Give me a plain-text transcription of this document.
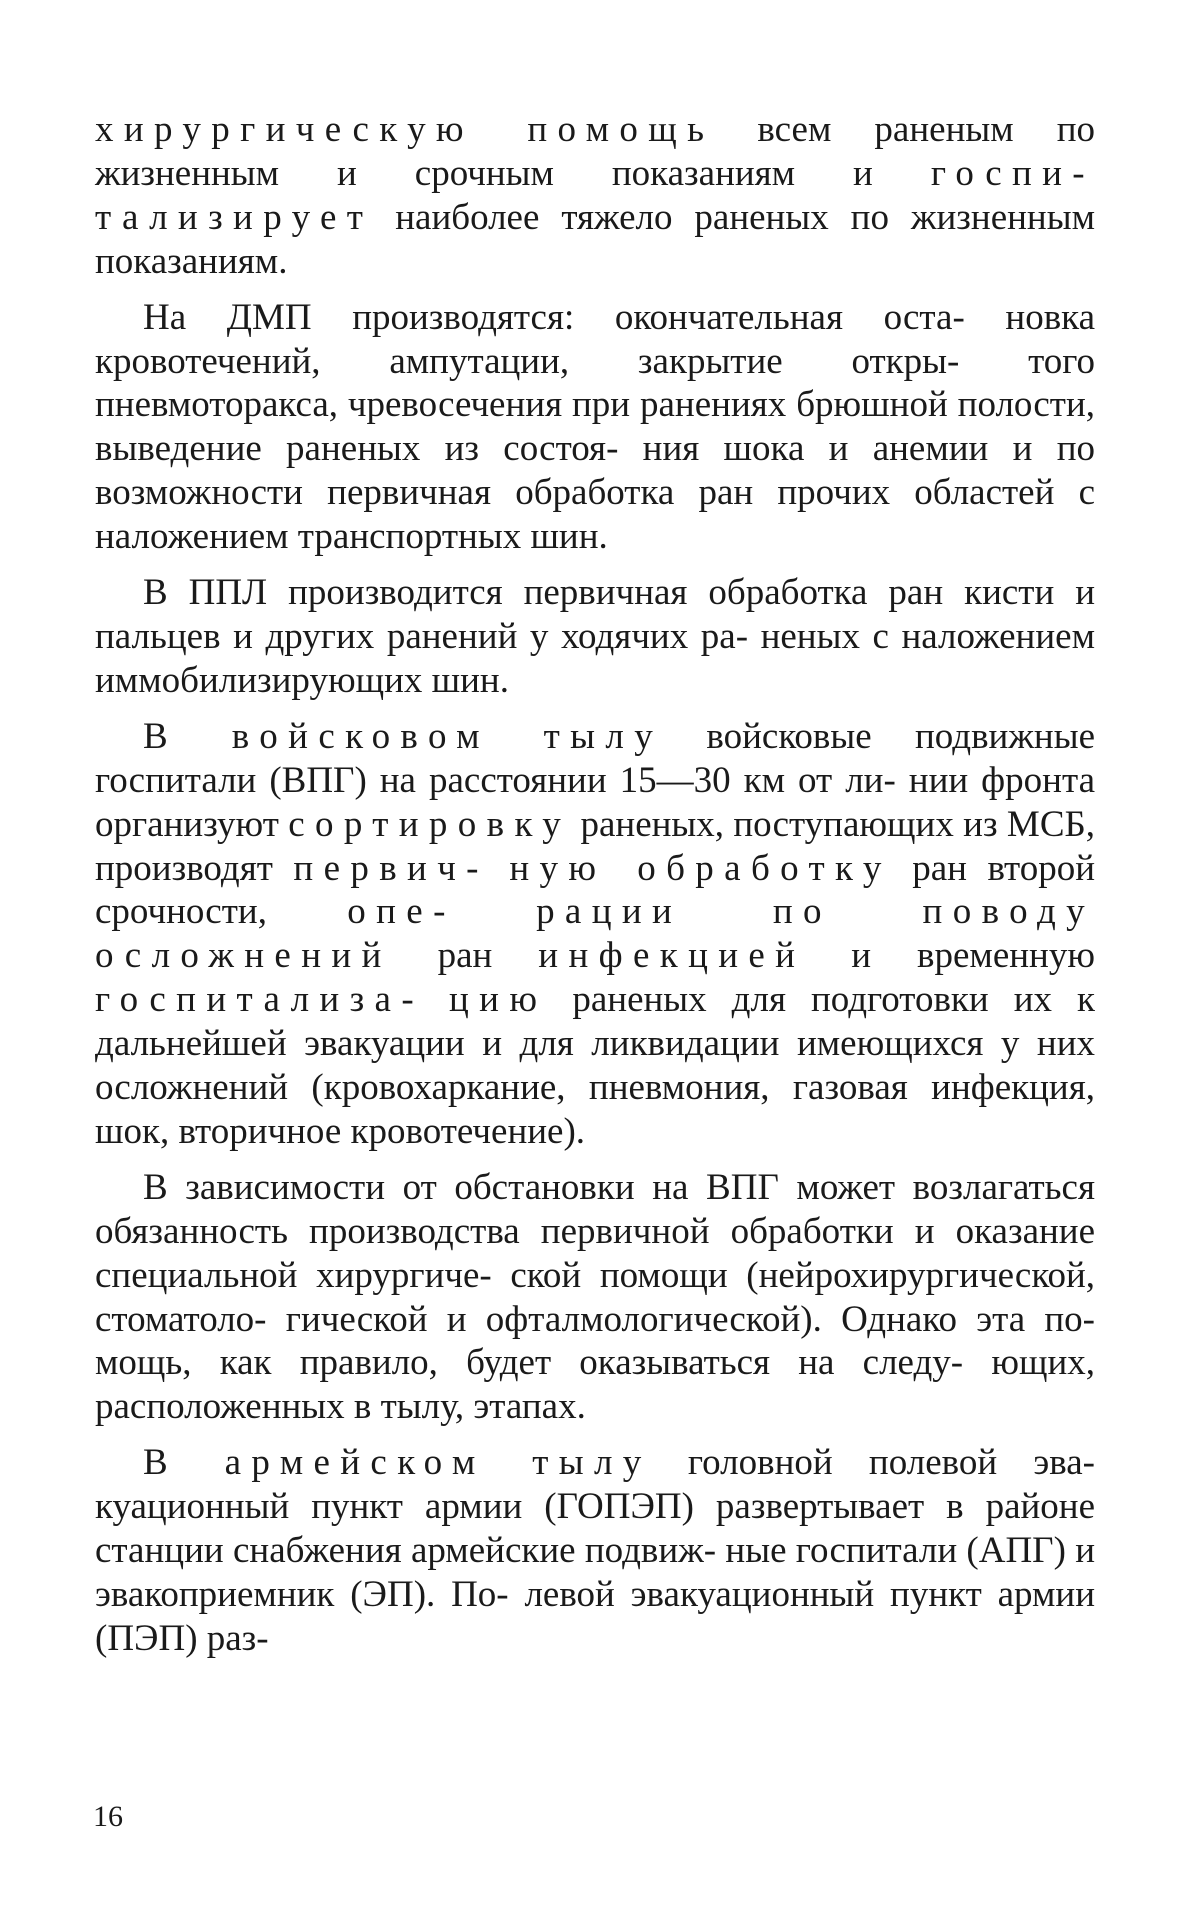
хирургическую помощь всем раненым по жизненным и срочным показаниям и госпи- тализирует наиболее тяжело раненых по жизненным показаниям.

На ДМП производятся: окончательная оста- новка кровотечений, ампутации, закрытие откры- того пневмоторакса, чревосечения при ранениях брюшной полости, выведение раненых из состоя- ния шока и анемии и по возможности первичная обработка ран прочих областей с наложением транспортных шин.

В ППЛ производится первичная обработка ран кисти и пальцев и других ранений у ходячих ра- неных с наложением иммобилизирующих шин.

В войсковом тылу войсковые подвижные госпитали (ВПГ) на расстоянии 15—30 км от ли- нии фронта организуют сортировку раненых, поступающих из МСБ, производят первич- ную обработку ран второй срочности, опе- рации по поводу осложнений ран инфекцией и временную госпитализа- цию раненых для подготовки их к дальнейшей эвакуации и для ликвидации имеющихся у них осложнений (кровохаркание, пневмония, газовая инфекция, шок, вторичное кровотечение).

В зависимости от обстановки на ВПГ может возлагаться обязанность производства первичной обработки и оказание специальной хирургиче- ской помощи (нейрохирургической, стоматоло- гической и офталмологической). Однако эта по- мощь, как правило, будет оказываться на следу- ющих, расположенных в тылу, этапах.

В армейском тылу головной полевой эва- куационный пункт армии (ГОПЭП) развертывает в районе станции снабжения армейские подвиж- ные госпитали (АПГ) и эвакоприемник (ЭП). По- левой эвакуационный пункт армии (ПЭП) раз-

16
